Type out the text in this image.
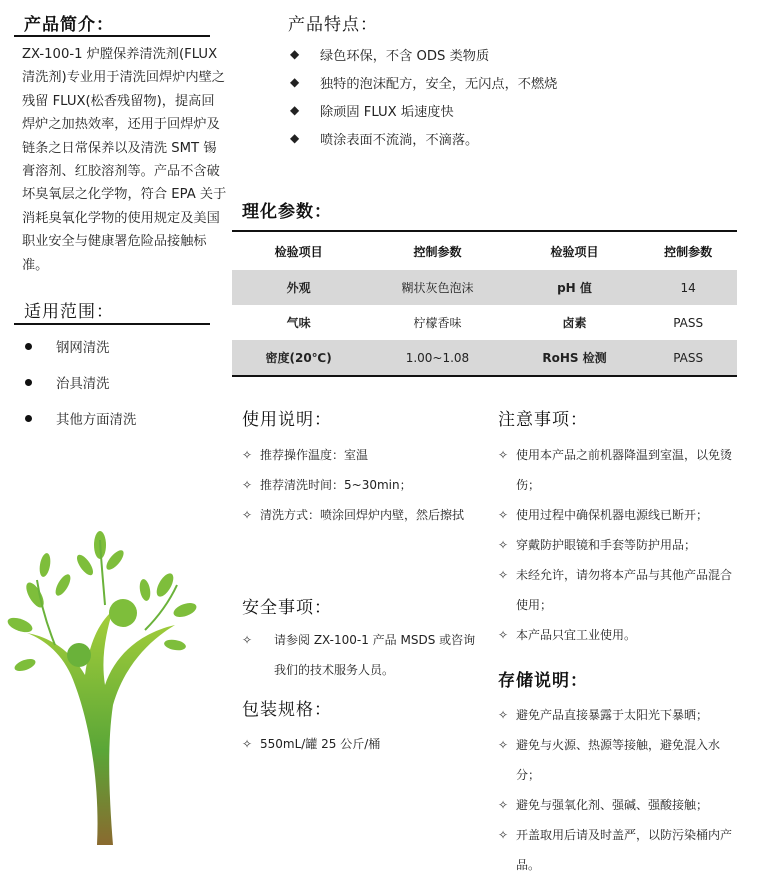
产品简介：
ZX-100-1 炉膛保养清洗剂(FLUX 清洗剂)专业用于清洗回焊炉内壁之残留 FLUX(松香残留物)，提高回焊炉之加热效率，还用于回焊炉及链条之日常保养以及清洗 SMT 锡膏溶剂、红胶溶剂等。产品不含破坏臭氧层之化学物，符合 EPA 关于消耗臭氧化学物的使用规定及美国职业安全与健康署危险品接触标准。
适用范围：
钢网清洗
治具清洗
其他方面清洗
产品特点：
◆	绿色环保，不含 ODS 类物质
◆	独特的泡沫配方，安全，无闪点，不燃烧
◆	除顽固 FLUX 垢速度快
◆	喷涂表面不流淌，不滴落。
理化参数：
检验项目	控制参数	检验项目	控制参数
外观	糊状灰色泡沫	pH 值	14
气味	柠檬香味	卤素	PASS
密度(20℃)	1.00~1.08	RoHS 检测	PASS
使用说明：
✧ 推荐操作温度：室温
✧ 推荐清洗时间：5~30min；
✧ 清洗方式：喷涂回焊炉内壁，然后擦拭
安全事项：
✧	请参阅 ZX-100-1 产品 MSDS 或咨询我们的技术服务人员。
包装规格：
✧ 550mL/罐 25 公斤/桶
注意事项：
✧ 使用本产品之前机器降温到室温，以免烫伤；
✧ 使用过程中确保机器电源线已断开；
✧ 穿戴防护眼镜和手套等防护用品；
✧ 未经允许，请勿将本产品与其他产品混合使用；
✧ 本产品只宜工业使用。
存储说明：
✧ 避免产品直接暴露于太阳光下暴晒；
✧ 避免与火源、热源等接触，避免混入水分；
✧ 避免与强氧化剂、强碱、强酸接触；
✧ 开盖取用后请及时盖严，以防污染桶内产品。
